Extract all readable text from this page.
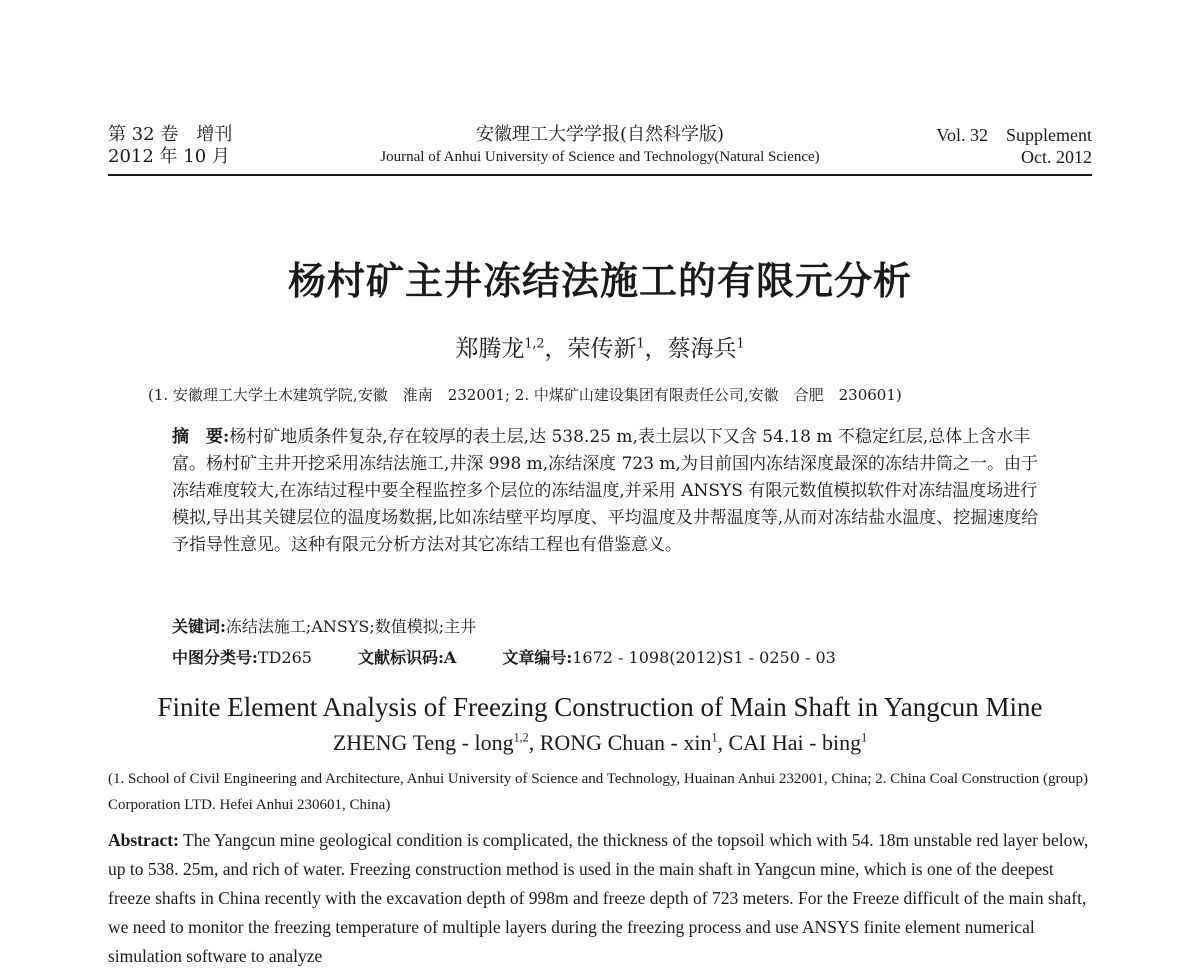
第 32 卷　增刊
2012 年 10 月
安徽理工大学学报(自然科学版)
Journal of Anhui University of Science and Technology(Natural Science)
Vol. 32　Supplement
Oct. 2012
杨村矿主井冻结法施工的有限元分析
郑腾龙$^{1,2}$，荣传新$^1$，蔡海兵$^1$
(1. 安徽理工大学土木建筑学院,安徽　淮南　232001; 2. 中煤矿山建设集团有限责任公司,安徽　合肥　230601)

摘　要:杨村矿地质条件复杂,存在较厚的表土层,达 538.25 m,表土层以下又含 54.18 m 不稳定红层,总体上含水丰富。杨村矿主井开挖采用冻结法施工,井深 998 m,冻结深度 723 m,为目前国内冻结深度最深的冻结井筒之一。由于冻结难度较大,在冻结过程中要全程监控多个层位的冻结温度,并采用 ANSYS 有限元数值模拟软件对冻结温度场进行模拟,导出其关键层位的温度场数据,比如冻结壁平均厚度、平均温度及井帮温度等,从而对冻结盐水温度、挖掘速度给予指导性意见。这种有限元分析方法对其它冻结工程也有借鉴意义。

关键词:冻结法施工;ANSYS;数值模拟;主井
中图分类号:TD265	文献标识码:A	文章编号:1672 - 1098(2012)S1 - 0250 - 03
Finite Element Analysis of Freezing Construction of Main Shaft in Yangcun Mine
ZHENG Teng - long$^{1,2}$, RONG Chuan - xin$^1$, CAI Hai - bing$^1$
(1. School of Civil Engineering and Architecture, Anhui University of Science and Technology, Huainan Anhui 232001, China; 2. China Coal Construction (group) Corporation LTD. Hefei Anhui 230601, China)

Abstract: The Yangcun mine geological condition is complicated, the thickness of the topsoil which with 54. 18m unstable red layer below, up to 538. 25m, and rich of water. Freezing construction method is used in the main shaft in Yangcun mine, which is one of the deepest freeze shafts in China recently with the excavation depth of 998m and freeze depth of 723 meters. For the Freeze difficult of the main shaft, we need to monitor the freezing temperature of multiple layers during the freezing process and use ANSYS finite element numerical simulation software to analyze
